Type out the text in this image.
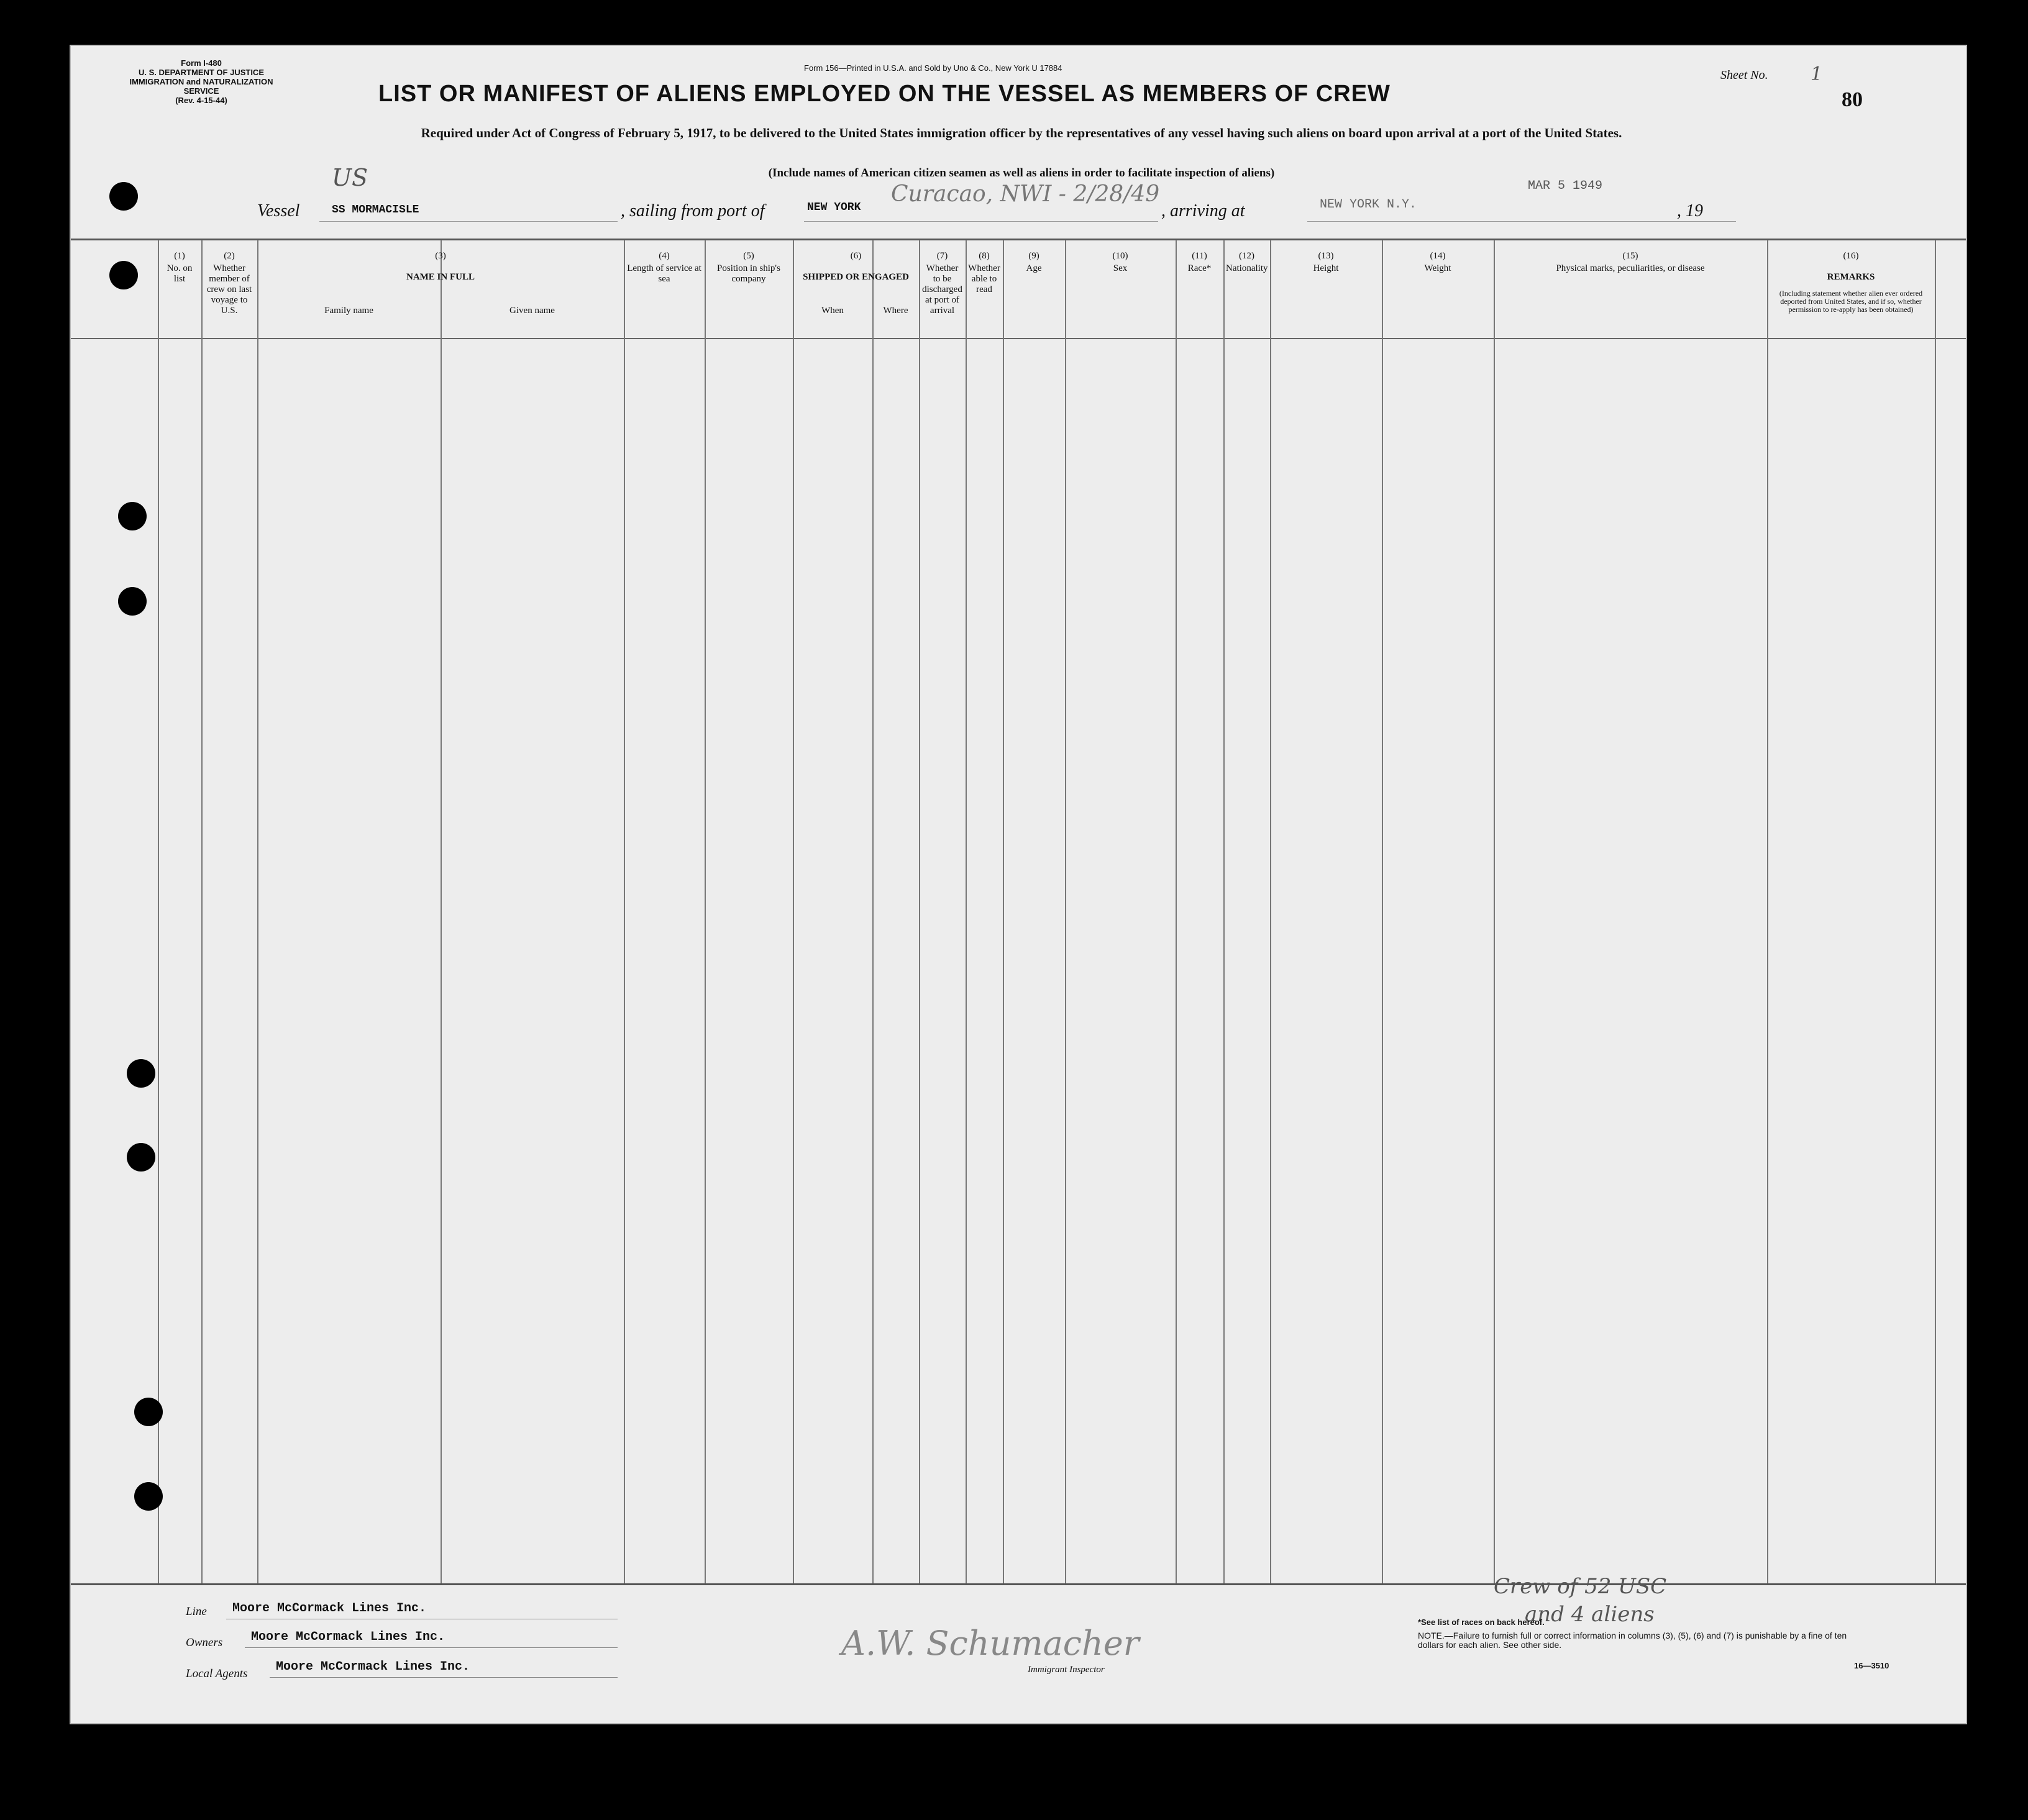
Form I-480
U. S. DEPARTMENT OF JUSTICE
IMMIGRATION and NATURALIZATION SERVICE
(Rev. 4-15-44)
Form 156—Printed in U.S.A. and Sold by Uno & Co., New York U 17884
Sheet No. 1
80
LIST OR MANIFEST OF ALIENS EMPLOYED ON THE VESSEL AS MEMBERS OF CREW
Required under Act of Congress of February 5, 1917, to be delivered to the United States immigration officer by the representatives of any vessel having such aliens on board upon arrival at a port of the United States.
(Include names of American citizen seamen as well as aliens in order to facilitate inspection of aliens)
US
Vessel	SS MORMACISLE	, sailing from port of	NEW YORK
Curacao, NWI - 2/28/49
, arriving at	NEW YORK N.Y.
MAR 5 1949
, 19
(1)
No. on list
(2)
Whether member of crew on last voyage to U.S.
(3)
NAME IN FULL
Family name	Given name
(4)
Length of service at sea
(5)
Position in ship's company
(6)
SHIPPED OR ENGAGED
When	Where
(7)
Whether to be discharged at port of arrival
(8)
Whether able to read
(9)
Age
(10)
Sex
(11)
Race*
(12)
Nationality
(13)
Height
(14)
Weight
(15)
Physical marks, peculiarities, or disease
(16)
REMARKS
(Including statement whether alien ever ordered deported from United States, and if so, whether permission to re-apply has been obtained)
Line Moore McCormack Lines Inc.
Owners Moore McCormack Lines Inc.
Local Agents Moore McCormack Lines Inc.
A.W. Schumacher
Immigrant Inspector
Crew of 52 USC
and 4 aliens
*See list of races on back hereof.
NOTE.—Failure to furnish full or correct information in columns (3), (5), (6) and (7) is punishable by a fine of ten dollars for each alien. See other side.
16—3510
